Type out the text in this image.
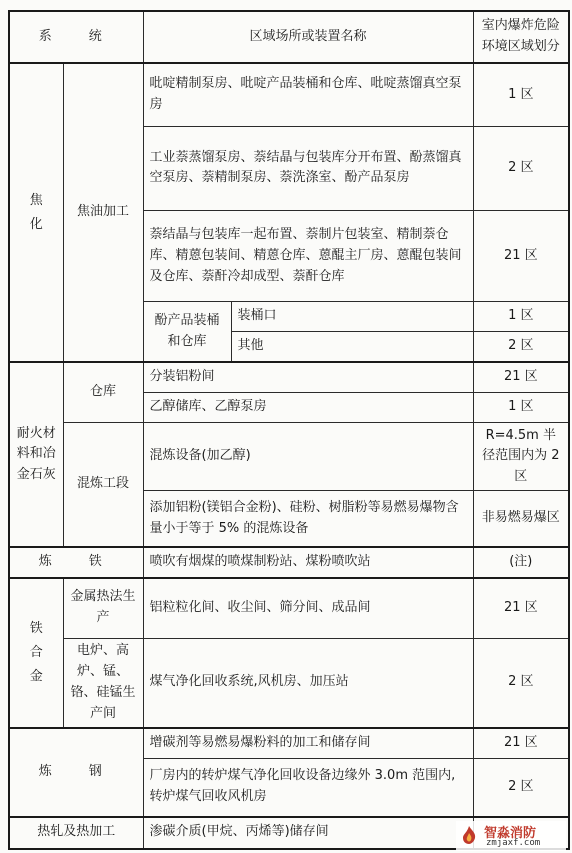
系　统		区域场所或装置名称		室内爆炸危险环境区域划分

焦
化	焦油加工	吡啶精制泵房、吡啶产品装桶和仓库、吡啶蒸馏真空泵房		1 区
		工业萘蒸馏泵房、萘结晶与包装库分开布置、酚蒸馏真空泵房、萘精制泵房、萘洗涤室、酚产品泵房		2 区
		萘结晶与包装库一起布置、萘制片包装室、精制萘仓库、精蒽包装间、精蒽仓库、蒽醌主厂房、蒽醌包装间及仓库、萘酐冷却成型、萘酐仓库		21 区
		酚产品装桶和仓库	装桶口	1 区
			其他	2 区
耐火材料和冶金石灰	仓库	分装铝粉间		21 区
		乙醇储库、乙醇泵房		1 区
	混炼工段	混炼设备(加乙醇)		R=4.5m 半径范围内为 2 区
		添加铝粉(镁铝合金粉)、硅粉、树脂粉等易燃易爆物含量小于等于 5% 的混炼设备		非易燃易爆区
炼　铁		喷吹有烟煤的喷煤制粉站、煤粉喷吹站		(注)

铁
合
金	金属热法生产	铝粒粒化间、收尘间、筛分间、成品间		21 区
	电炉、高炉、锰、铬、硅锰生产间	煤气净化回收系统,风机房、加压站		2 区
炼　钢		增碳剂等易燃易爆粉料的加工和储存间		21 区
		厂房内的转炉煤气净化回收设备边缘外 3.0m 范围内,转炉煤气回收风机房		2 区
热轧及热加工		渗碳介质(甲烷、丙烯等)储存间			智淼消防
zmjaxf.com
